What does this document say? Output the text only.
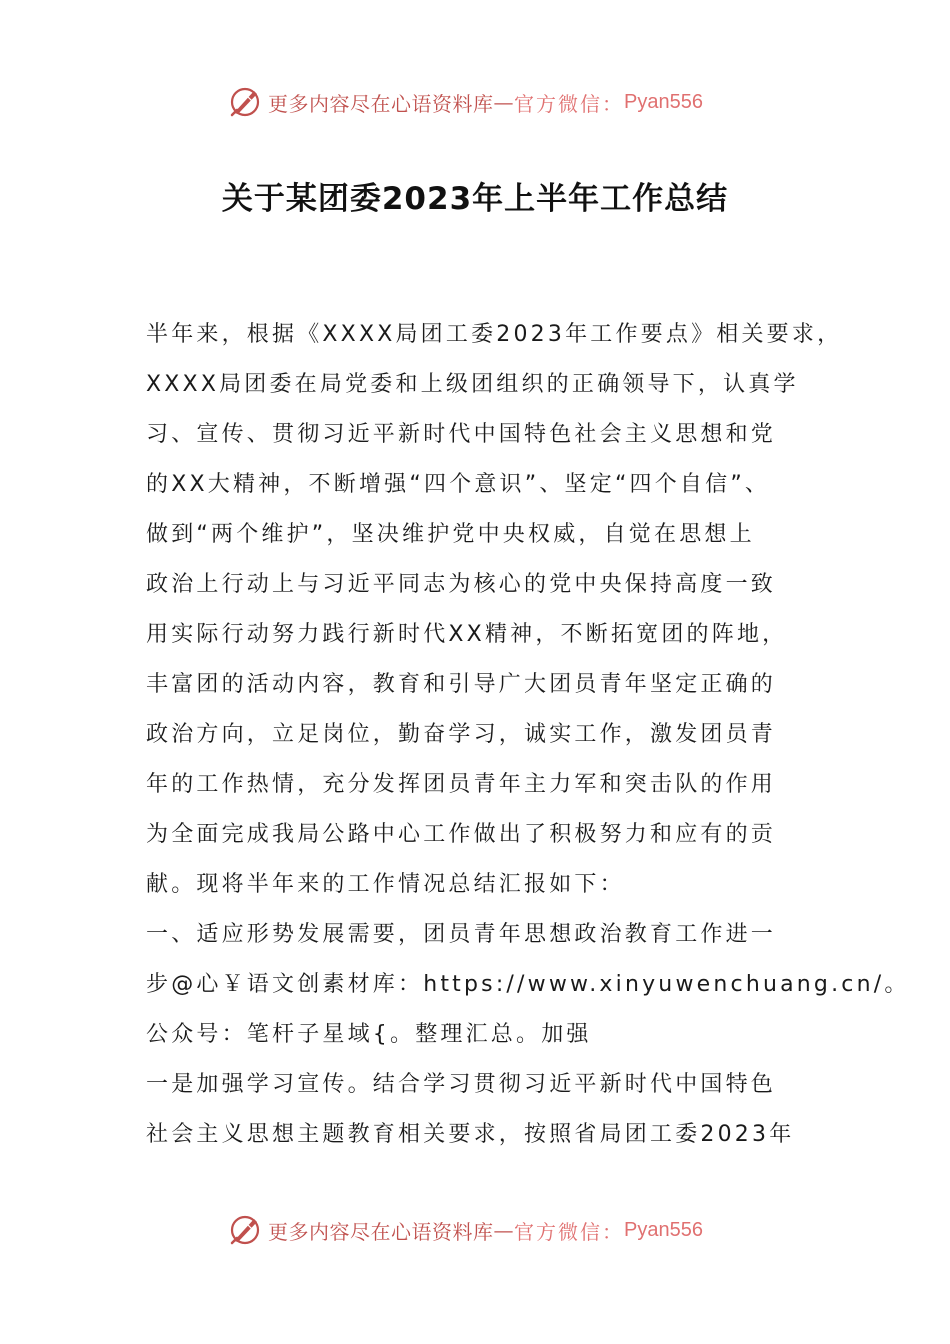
更多内容尽在心语资料库 — 官方微信： Pyan556
关于某团委2023年上半年工作总结
半年来，根据《XXXX局团工委2023年工作要点》相关要求，
XXXX局团委在局党委和上级团组织的正确领导下，认真学
习、宣传、贯彻习近平新时代中国特色社会主义思想和党
的XX大精神，不断增强“四个意识”、坚定“四个自信”、
做到“两个维护”，坚决维护党中央权威，自觉在思想上
政治上行动上与习近平同志为核心的党中央保持高度一致
用实际行动努力践行新时代XX精神，不断拓宽团的阵地，
丰富团的活动内容，教育和引导广大团员青年坚定正确的
政治方向，立足岗位，勤奋学习，诚实工作，激发团员青
年的工作热情，充分发挥团员青年主力军和突击队的作用
为全面完成我局公路中心工作做出了积极努力和应有的贡
献。现将半年来的工作情况总结汇报如下：
一、适应形势发展需要，团员青年思想政治教育工作进一
步@心￥语文创素材库：https://www.xinyuwenchuang.cn/。
公众号：笔杆子星域{。整理汇总。加强
一是加强学习宣传。结合学习贯彻习近平新时代中国特色
社会主义思想主题教育相关要求，按照省局团工委2023年
更多内容尽在心语资料库 — 官方微信： Pyan556
